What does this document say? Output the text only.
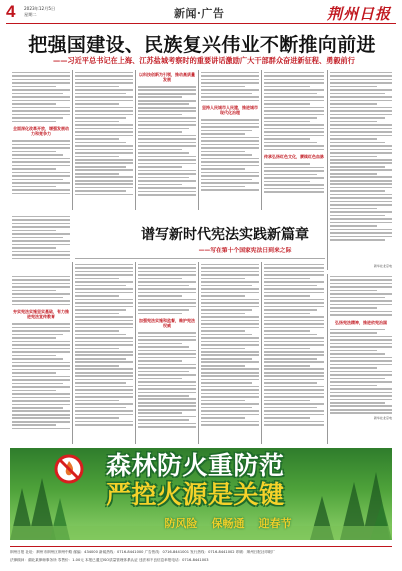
4 2023年12月5日
星期二	新闻·广告	荆州日报
把强国建设、民族复兴伟业不断推向前进
——习近平总书记在上海、江苏盐城考察时的重要讲话激励广大干部群众奋进新征程、勇毅前行
全面深化改革开放，增强发展动力和竞争力
以科技创新为引领，推动高质量发展
坚持人民城市人民建，推进城市现代化治理
传承弘扬红色文化，赓续红色血脉
新华社北京电
谱写新时代宪法实践新篇章
——写在第十个国家宪法日到来之际
夯实宪法实施坚实基础，有力推进宪法宣传教育
加强宪法实施和监督，维护宪法权威
弘扬宪法精神，推进依宪治国
新华社北京电
森林防火重防范
严控火源是关键
防风险 保畅通 迎春节
荆州日报 社址：荆州市荆州区荆州中路 邮编：434000 新闻热线：0716-8441000 广告热线：0716-8441001 发行热线：0716-8441002 印刷：荆州日报社印刷厂
法律顾问：湖北某律师事务所 零售价：1.00元 本报已通过ISO质量管理体系认证 违法和不良信息举报电话：0716-8441003
